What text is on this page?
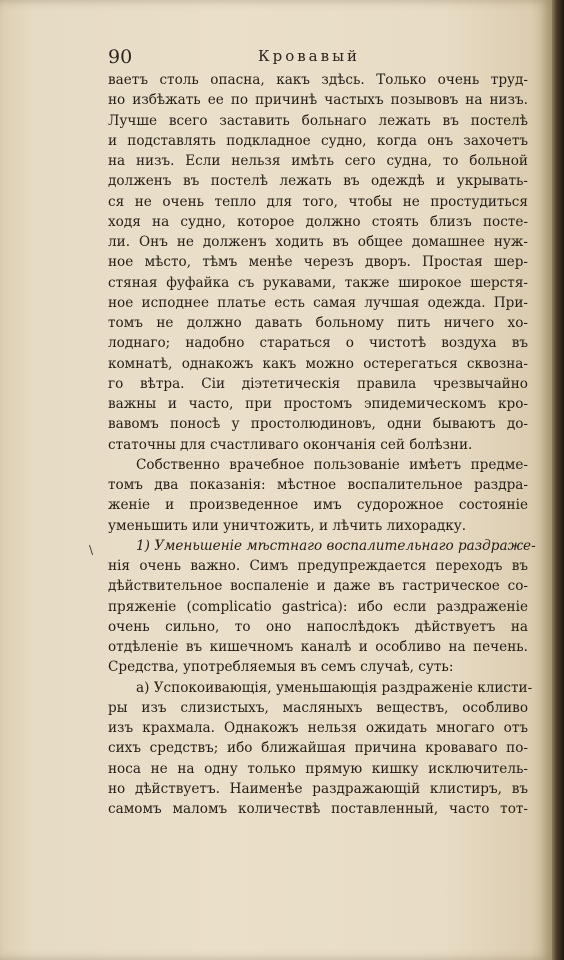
90	Кровавый
ваетъ столь опасна, какъ здѣсь. Только очень труд-
но избѣжать ее по причинѣ частыхъ позывовъ на низъ.
Лучше всего заставить больнаго лежать въ постелѣ
и подставлять подкладное судно, когда онъ захочетъ
на низъ. Если нельзя имѣть сего судна, то больной
долженъ въ постелѣ лежать въ одеждѣ и укрывать-
ся не очень тепло для того, чтобы не простудиться
ходя на судно, которое должно стоять близъ посте-
ли. Онъ не долженъ ходить въ общее домашнее нуж-
ное мѣсто, тѣмъ менѣе черезъ дворъ. Простая шер-
стяная фуфайка съ рукавами, также широкое шерстя-
ное исподнее платье есть самая лучшая одежда. При-
томъ не должно давать больному пить ничего хо-
лоднаго; надобно стараться о чистотѣ воздуха въ
комнатѣ, однакожъ какъ можно остерегаться сквозна-
го вѣтра. Сіи діэтетическія правила чрезвычайно
важны и часто, при простомъ эпидемическомъ кро-
вавомъ поносѣ у простолюдиновъ, одни бываютъ до-
статочны для счастливаго окончанія сей болѣзни.
Собственно врачебное пользованіе имѣетъ предме-
томъ два показанія: мѣстное воспалительное раздра-
женіе и произведенное имъ судорожное состояніе
уменьшить или уничтожить, и лѣчить лихорадку.
1) Уменьшеніе мѣстнаго воспалительнаго раздраже-
нія очень важно. Симъ предупреждается переходъ въ
дѣйствительное воспаленіе и даже въ гастрическое со-
пряженіе (complicatio gastrica): ибо если раздраженіе
очень сильно, то оно напослѣдокъ дѣйствуетъ на
отдѣленіе въ кишечномъ каналѣ и особливо на печень.
Средства, употребляемыя въ семъ случаѣ, суть:
а) Успокоивающія, уменьшающія раздраженіе клисти-
ры изъ слизистыхъ, масляныхъ веществъ, особливо
изъ крахмала. Однакожъ нельзя ожидать многаго отъ
сихъ средствъ; ибо ближайшая причина кроваваго по-
носа не на одну только прямую кишку исключитель-
но дѣйствуетъ. Наименѣе раздражающій клистиръ, въ
самомъ маломъ количествѣ поставленный, часто тот-
\
